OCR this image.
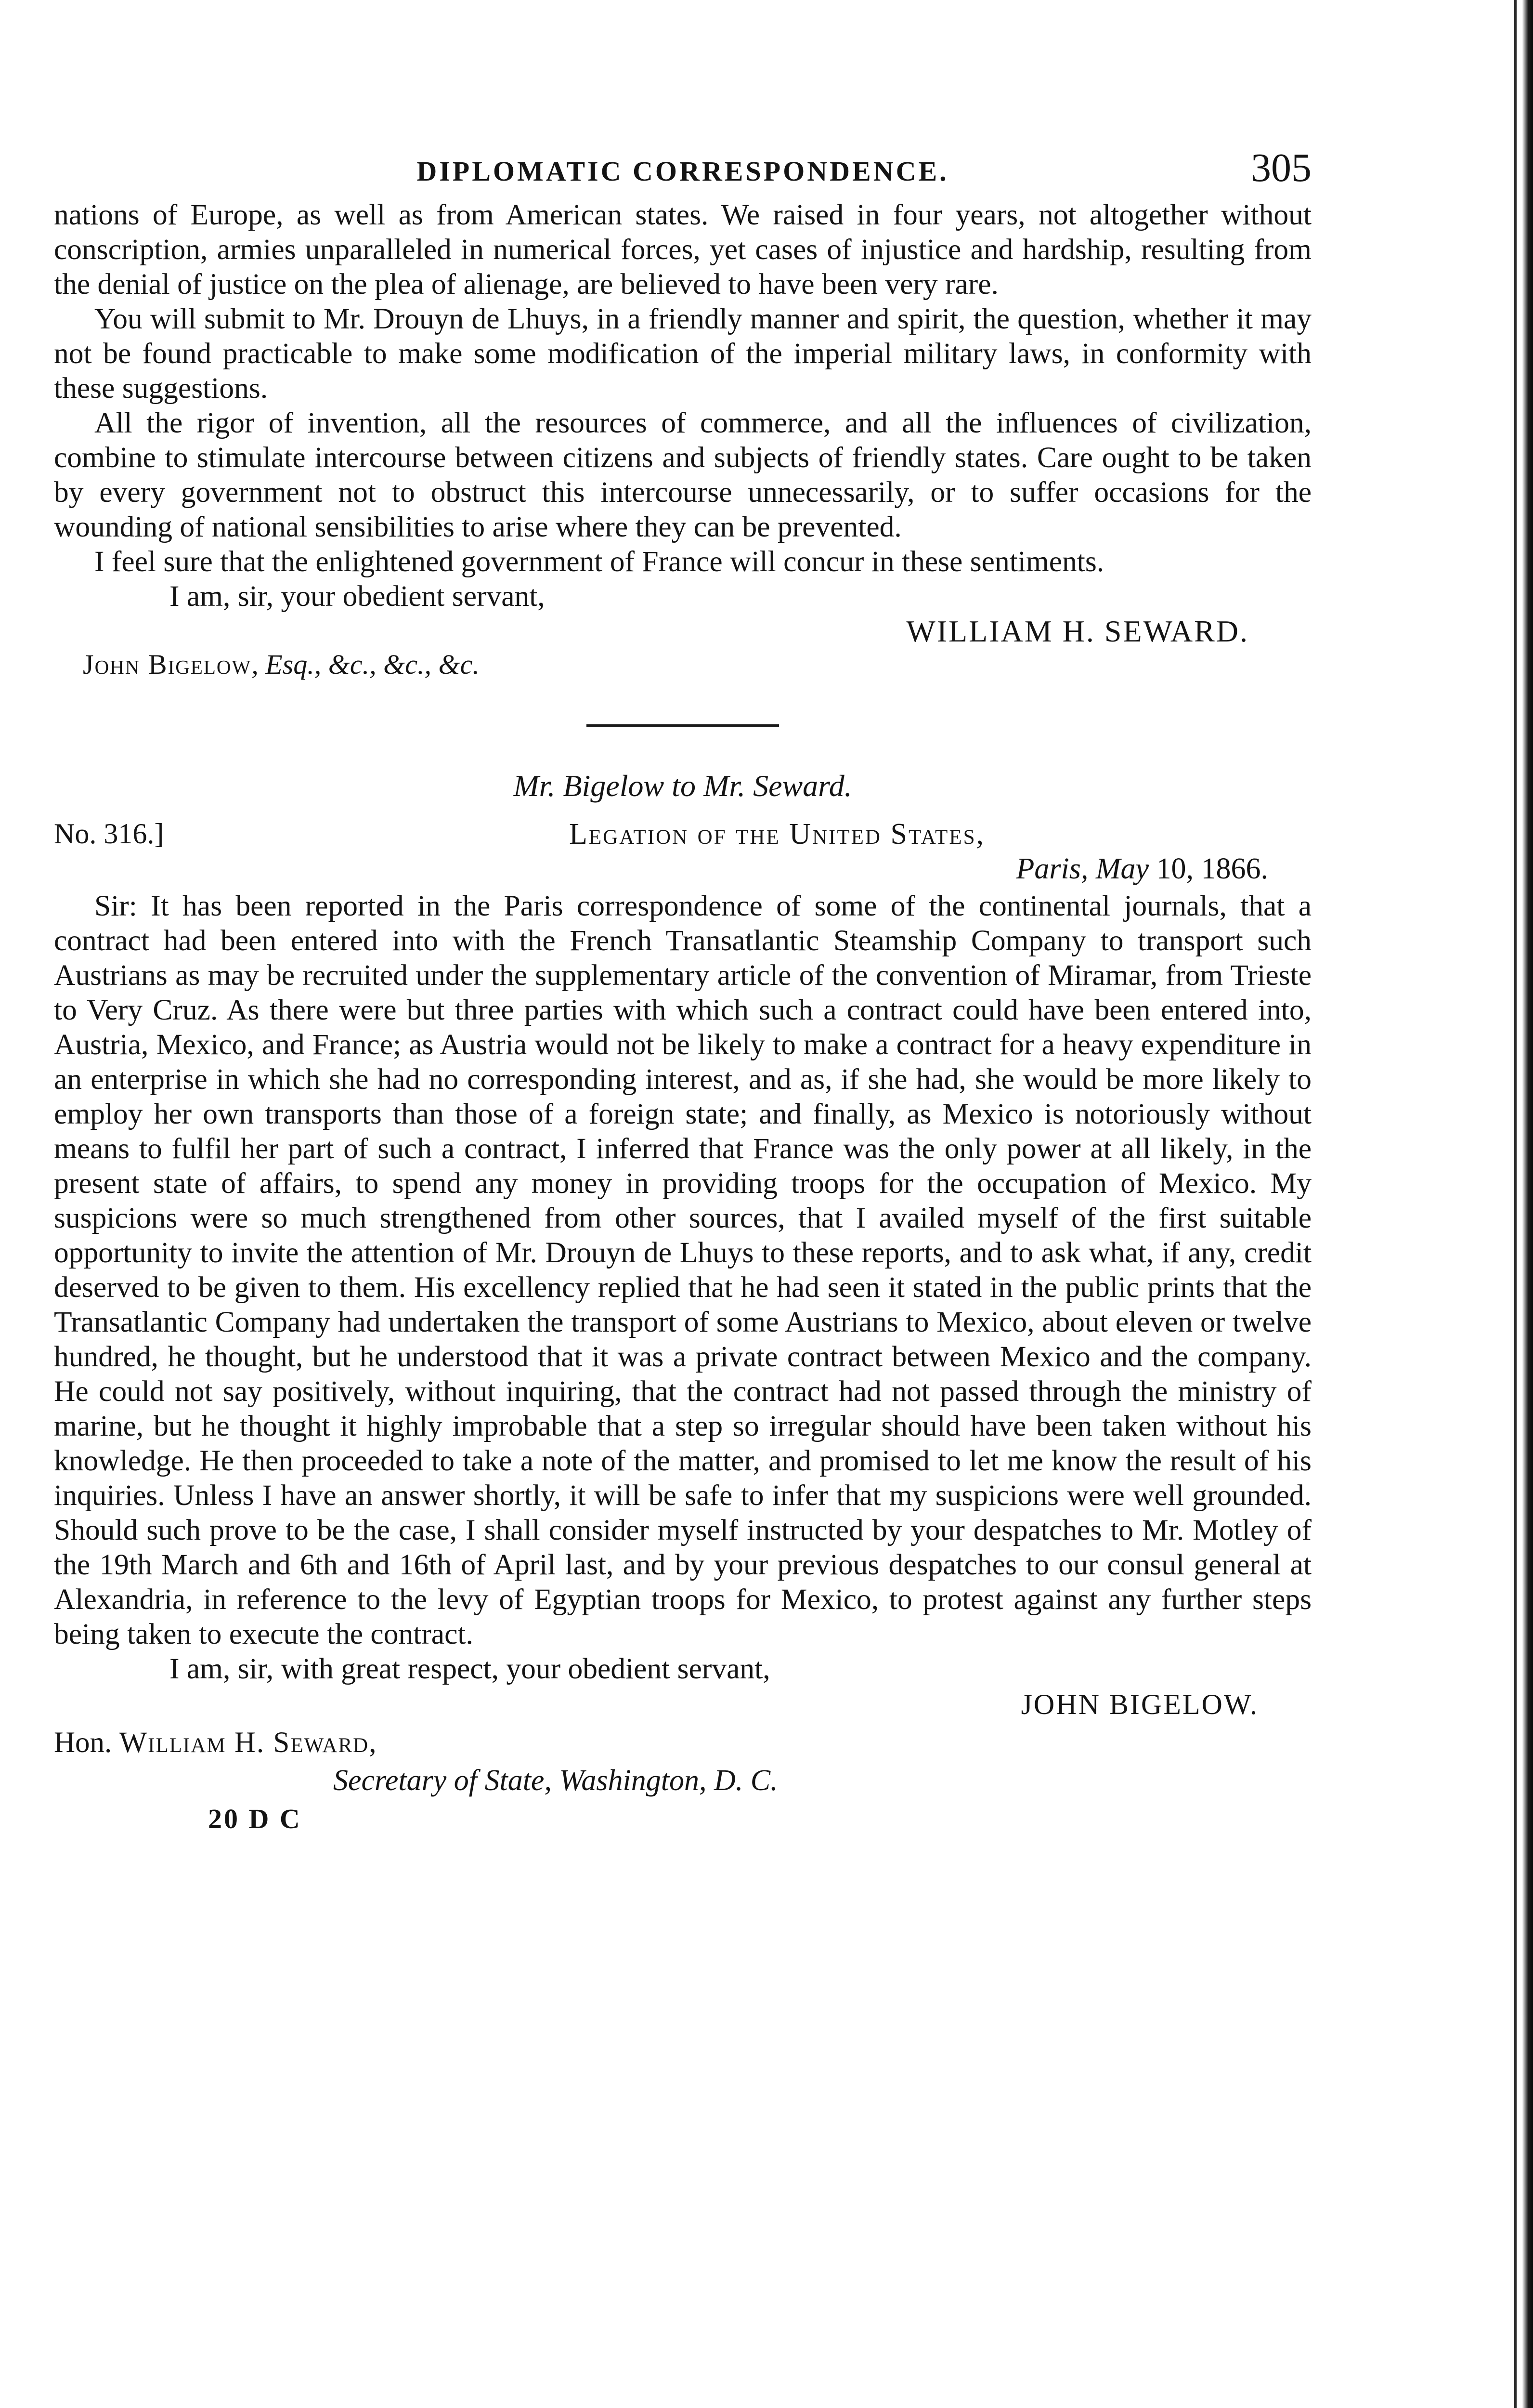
DIPLOMATIC CORRESPONDENCE.	305

nations of Europe, as well as from American states. We raised in four years, not altogether without conscription, armies unparalleled in numerical forces, yet cases of injustice and hardship, resulting from the denial of justice on the plea of alienage, are believed to have been very rare.

You will submit to Mr. Drouyn de Lhuys, in a friendly manner and spirit, the question, whether it may not be found practicable to make some modification of the imperial military laws, in conformity with these suggestions.

All the rigor of invention, all the resources of commerce, and all the influences of civilization, combine to stimulate intercourse between citizens and subjects of friendly states. Care ought to be taken by every government not to obstruct this intercourse unnecessarily, or to suffer occasions for the wounding of national sensibilities to arise where they can be prevented.

I feel sure that the enlightened government of France will concur in these sentiments.

I am, sir, your obedient servant,

WILLIAM H. SEWARD.
John Bigelow, Esq., &c., &c., &c.
Mr. Bigelow to Mr. Seward.
No. 316.]	Legation of the United States,
Paris, May 10, 1866.

Sir: It has been reported in the Paris correspondence of some of the continental journals, that a contract had been entered into with the French Transatlantic Steamship Company to transport such Austrians as may be recruited under the supplementary article of the convention of Miramar, from Trieste to Very Cruz. As there were but three parties with which such a contract could have been entered into, Austria, Mexico, and France; as Austria would not be likely to make a contract for a heavy expenditure in an enterprise in which she had no corresponding interest, and as, if she had, she would be more likely to employ her own transports than those of a foreign state; and finally, as Mexico is notoriously without means to fulfil her part of such a contract, I inferred that France was the only power at all likely, in the present state of affairs, to spend any money in providing troops for the occupation of Mexico. My suspicions were so much strengthened from other sources, that I availed myself of the first suitable opportunity to invite the attention of Mr. Drouyn de Lhuys to these reports, and to ask what, if any, credit deserved to be given to them. His excellency replied that he had seen it stated in the public prints that the Transatlantic Company had undertaken the transport of some Austrians to Mexico, about eleven or twelve hundred, he thought, but he understood that it was a private contract between Mexico and the company. He could not say positively, without inquiring, that the contract had not passed through the ministry of marine, but he thought it highly improbable that a step so irregular should have been taken without his knowledge. He then proceeded to take a note of the matter, and promised to let me know the result of his inquiries. Unless I have an answer shortly, it will be safe to infer that my suspicions were well grounded. Should such prove to be the case, I shall consider myself instructed by your despatches to Mr. Motley of the 19th March and 6th and 16th of April last, and by your previous despatches to our consul general at Alexandria, in reference to the levy of Egyptian troops for Mexico, to protest against any further steps being taken to execute the contract.

I am, sir, with great respect, your obedient servant,

JOHN BIGELOW.

Hon. William H. Seward,

Secretary of State, Washington, D. C.
20 D C
